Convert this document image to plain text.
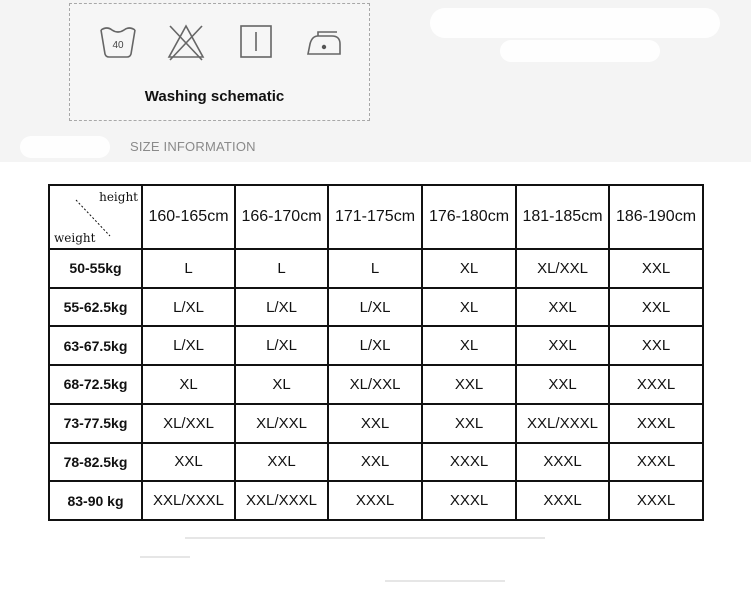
40
Washing schematic
SIZE INFORMATION
height
weight	160-165cm	166-170cm	171-175cm	176-180cm	181-185cm	186-190cm
50-55kg	L	L	L	XL	XL/XXL	XXL
55-62.5kg	L/XL	L/XL	L/XL	XL	XXL	XXL
63-67.5kg	L/XL	L/XL	L/XL	XL	XXL	XXL
68-72.5kg	XL	XL	XL/XXL	XXL	XXL	XXXL
73-77.5kg	XL/XXL	XL/XXL	XXL	XXL	XXL/XXXL	XXXL
78-82.5kg	XXL	XXL	XXL	XXXL	XXXL	XXXL
83-90 kg	XXL/XXXL	XXL/XXXL	XXXL	XXXL	XXXL	XXXL
